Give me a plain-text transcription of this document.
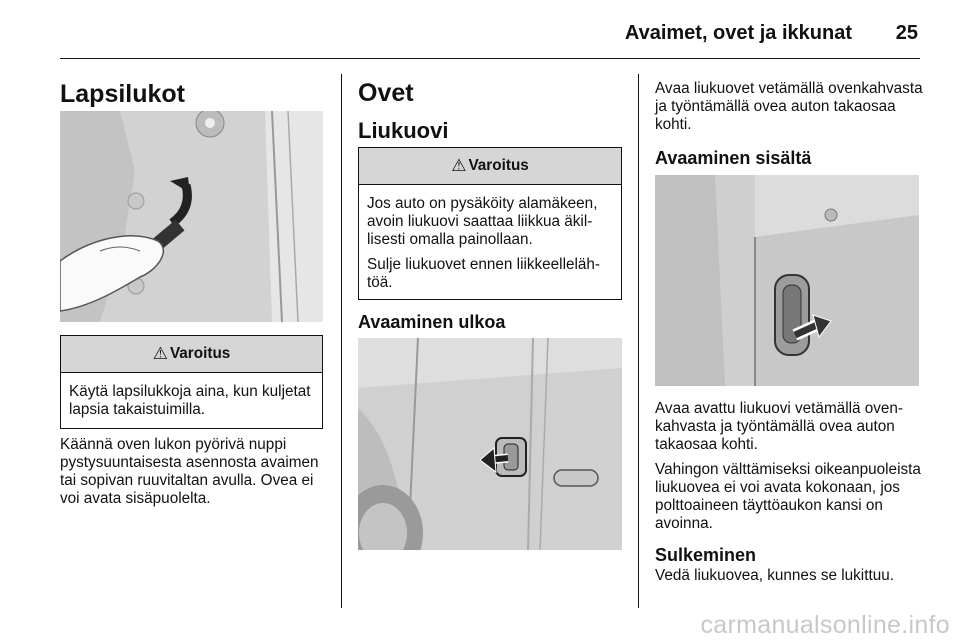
Avaimet, ovet ja ikkunat 25
Lapsilukot
⚠ Varoitus

Käytä lapsilukkoja aina, kun kuljetat lapsia takaistuimilla.

Käännä oven lukon pyörivä nuppi pystysuuntaisesta asennosta avaimen tai sopivan ruuvitaltan avulla. Ovea ei voi avata sisäpuolelta.

Ovet
Liukuovi
⚠ Varoitus

Jos auto on pysäköity alamäkeen, avoin liukuovi saattaa liikkua äkillisesti omalla painollaan.

Sulje liukuovet ennen liikkeellelähtöä.

Avaaminen ulkoa

Avaa liukuovet vetämällä ovenkahvasta ja työntämällä ovea auton takaosaa kohti.

Avaaminen sisältä

Avaa avattu liukuovi vetämällä ovenkahvasta ja työntämällä ovea auton takaosaa kohti.

Vahingon välttämiseksi oikeanpuoleista liukuovea ei voi avata kokonaan, jos polttoaineen täyttöaukon kansi on avoinna.

Sulkeminen

Vedä liukuovea, kunnes se lukittuu.

carmanualsonline.info
